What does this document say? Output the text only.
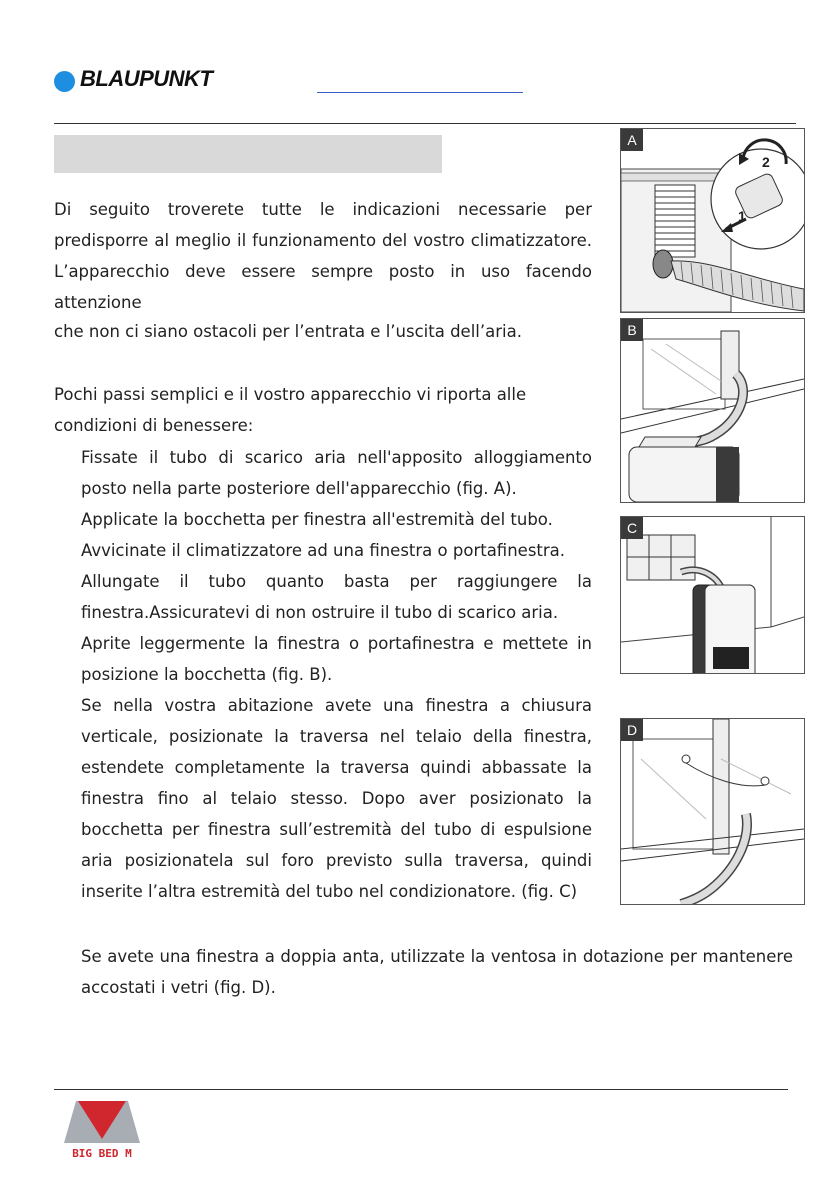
BLAUPUNKT
Di seguito troverete tutte le indicazioni necessarie per predisporre al meglio il funzionamento del vostro climatizzatore. L’apparecchio deve essere sempre posto in uso facendo attenzione
che non ci siano ostacoli per l’entrata e l’uscita dell’aria.
Pochi passi semplici e il vostro apparecchio vi riporta alle condizioni di benessere:
Fissate il tubo di scarico aria nell'apposito alloggiamento posto nella parte posteriore dell'apparecchio (fig. A).
Applicate la bocchetta per finestra all'estremità del tubo.
Avvicinate il climatizzatore ad una finestra o portafinestra.
Allungate il tubo quanto basta per raggiungere la finestra.Assicuratevi di non ostruire il tubo di scarico aria.
Aprite leggermente la finestra o portafinestra e mettete in posizione la bocchetta (fig. B).
Se nella vostra abitazione avete una finestra a chiusura verticale, posizionate la traversa nel telaio della finestra, estendete completamente la traversa quindi abbassate la finestra fino al telaio stesso. Dopo aver posizionato la bocchetta per finestra sull’estremità del tubo di espulsione aria posizionatela sul foro previsto sulla traversa, quindi inserite l’altra estremità del tubo nel condizionatore. (fig. C)
Se avete una finestra a doppia anta, utilizzate la ventosa in dotazione per mantenere accostati i vetri (fig. D).
2
1
A
B
C
D
BIG BED M
